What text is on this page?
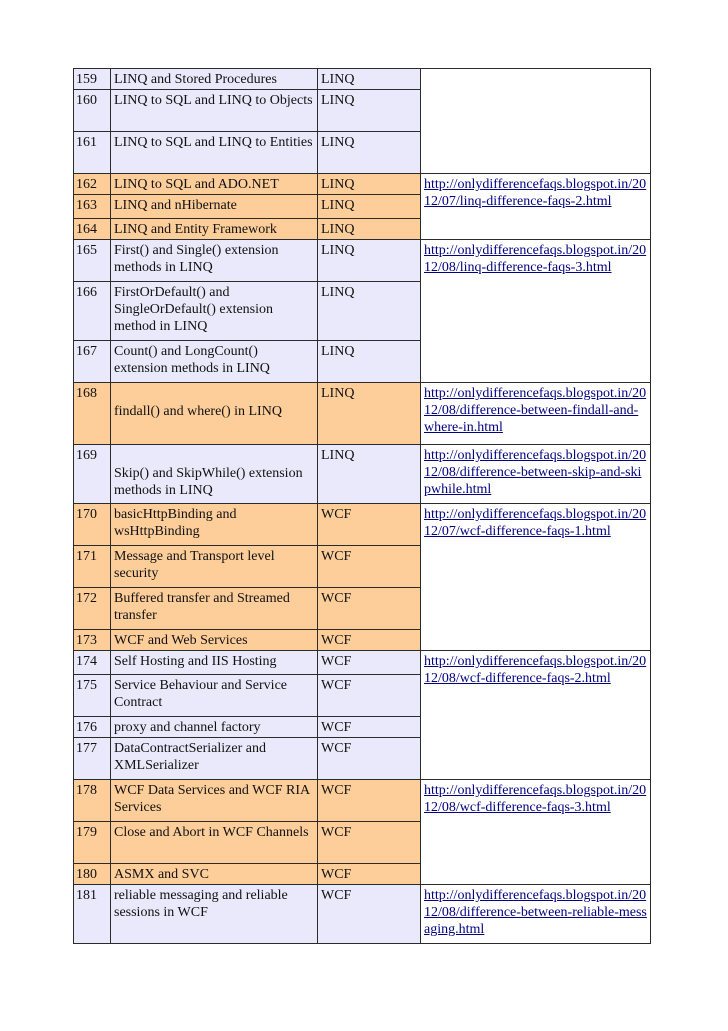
159	LINQ and Stored Procedures	LINQ	
160	LINQ to SQL and LINQ to Objects	LINQ	
161	LINQ to SQL and LINQ to Entities	LINQ	
162	LINQ to SQL and ADO.NET	LINQ	http://onlydifferencefaqs.blogspot.in/2012/07/linq-difference-faqs-2.html
163	LINQ and nHibernate	LINQ	
164	LINQ and Entity Framework	LINQ	
165	First() and Single() extension methods in LINQ	LINQ	http://onlydifferencefaqs.blogspot.in/2012/08/linq-difference-faqs-3.html
166	FirstOrDefault() and SingleOrDefault() extension method in LINQ	LINQ	
167	Count() and LongCount() extension methods in LINQ	LINQ	
168	findall() and where() in LINQ	LINQ	http://onlydifferencefaqs.blogspot.in/2012/08/difference-between-findall-and-where-in.html
169	Skip() and SkipWhile() extension methods in LINQ	LINQ	http://onlydifferencefaqs.blogspot.in/2012/08/difference-between-skip-and-skipwhile.html
170	basicHttpBinding and wsHttpBinding	WCF	http://onlydifferencefaqs.blogspot.in/2012/07/wcf-difference-faqs-1.html
171	Message and Transport level security	WCF	
172	Buffered transfer and Streamed transfer	WCF	
173	WCF and Web Services	WCF	
174	Self Hosting and IIS Hosting	WCF	http://onlydifferencefaqs.blogspot.in/2012/08/wcf-difference-faqs-2.html
175	Service Behaviour and Service Contract	WCF	
176	proxy and channel factory	WCF	
177	DataContractSerializer and XMLSerializer	WCF	
178	WCF Data Services and WCF RIA Services	WCF	http://onlydifferencefaqs.blogspot.in/2012/08/wcf-difference-faqs-3.html
179	Close and Abort in WCF Channels	WCF	
180	ASMX and SVC	WCF	
181	reliable messaging and reliable sessions in WCF	WCF	http://onlydifferencefaqs.blogspot.in/2012/08/difference-between-reliable-messaging.html
